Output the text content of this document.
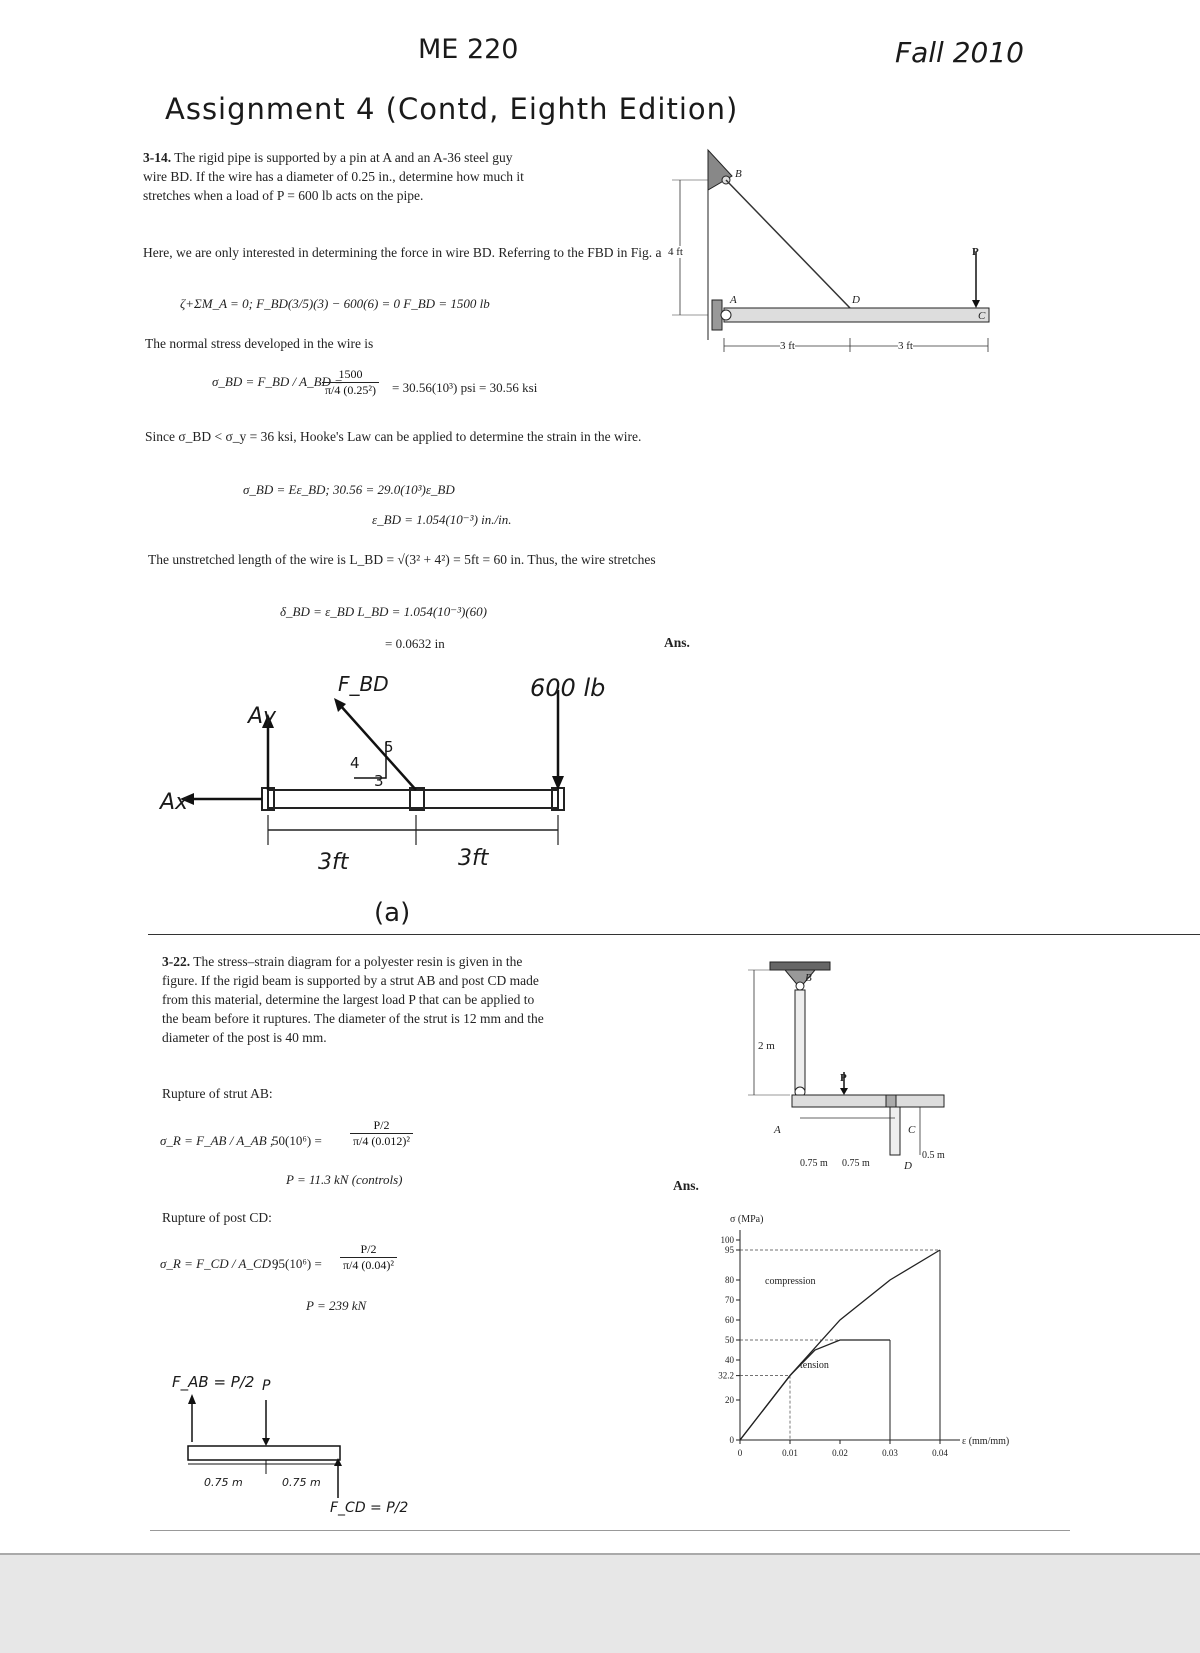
ME 220	Fall 2010
Assignment 4 (Contd, Eighth Edition)
3-14. The rigid pipe is supported by a pin at A and an A-36 steel guy wire BD. If the wire has a diameter of 0.25 in., determine how much it stretches when a load of P = 600 lb acts on the pipe.
Here, we are only interested in determining the force in wire BD. Referring to the FBD in Fig. a
ζ+ΣM_A = 0; F_BD(3/5)(3) − 600(6) = 0 F_BD = 1500 lb
The normal stress developed in the wire is
σ_BD = F_BD / A_BD =
$\frac{1500}{\text{π/4 (0.25²)}} = 30.56(10^3)$ psi = 30.56 ksi
Since σ_BD < σ_y = 36 ksi, Hooke's Law can be applied to determine the strain in the wire.
σ_BD = Eε_BD; 30.56 = 29.0(10³)ε_BD
ε_BD = 1.054(10⁻³) in./in.
The unstretched length of the wire is L_BD = √(3² + 4²) = 5ft = 60 in. Thus, the wire stretches
δ_BD = ε_BD L_BD = 1.054(10⁻³)(60)
= 0.0632 in	Ans.
B
A	D
C
P
4 ft
3 ft	3 ft
F_BD	600 lb
Ay
Ax
4
3
5
3ft	3ft
(a)
3-22. The stress–strain diagram for a polyester resin is given in the figure. If the rigid beam is supported by a strut AB and post CD made from this material, determine the largest load P that can be applied to the beam before it ruptures. The diameter of the strut is 12 mm and the diameter of the post is 40 mm.
Rupture of strut AB:
σ_R = F_AB / A_AB ;
$50(10^6) = \frac{P/2}{\text{π/4 (0.012)²}}$
P = 11.3 kN (controls)	Ans.
Rupture of post CD:
σ_R = F_CD / A_CD ;
$95(10^6) = \frac{P/2}{\text{π/4 (0.04)²}}$
P = 239 kN
B
A	C
D
P
2 m
0.75 m 0.75 m
0.5 m
100
95
80
70
60
50
40
32.2
20
0
0	0.01	0.02	0.03	0.04
σ (MPa)
ε (mm/mm)
compression
tension
F_AB = P/2 P
0.75 m	0.75 m
F_CD = P/2
